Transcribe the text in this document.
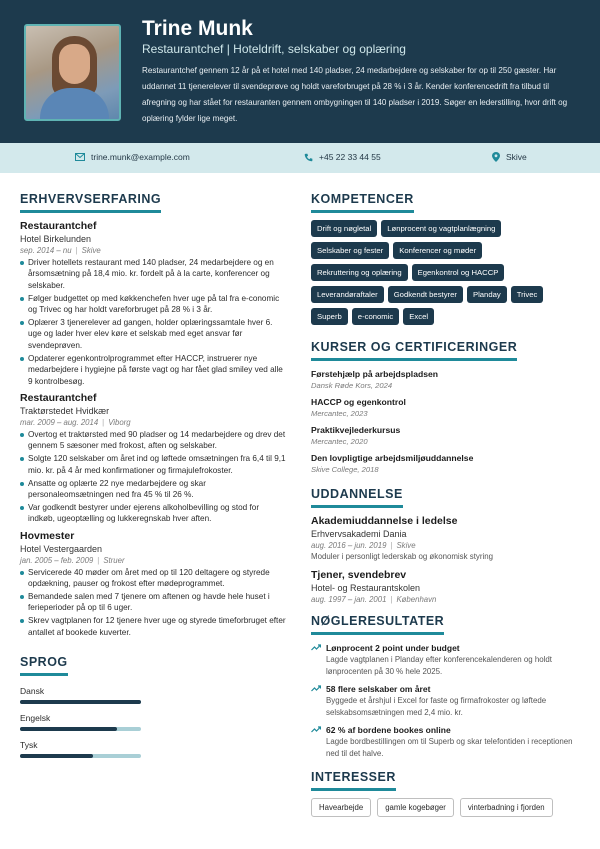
Trine Munk
Restaurantchef | Hoteldrift, selskaber og oplæring
Restaurantchef gennem 12 år på et hotel med 140 pladser, 24 medarbejdere og selskaber for op til 250 gæster. Har uddannet 11 tjenerelever til svendeprøve og holdt vareforbruget på 28 % i 3 år. Kender konferencedrift fra tilbud til afregning og har stået for restauranten gennem ombygningen til 140 pladser i 2019. Søger en lederstilling, hvor drift og oplæring fylder lige meget.
trine.munk@example.com	+45 22 33 44 55	Skive
ERHVERVSERFARING
Restaurantchef
Hotel Birkelunden
sep. 2014 – nu | Skive
Driver hotellets restaurant med 140 pladser, 24 medarbejdere og en årsomsætning på 18,4 mio. kr. fordelt på à la carte, konferencer og selskaber.
Følger budgettet op med køkkenchefen hver uge på tal fra e-conomic og Trivec og har holdt vareforbruget på 28 % i 3 år.
Oplærer 3 tjenerelever ad gangen, holder oplæringssamtale hver 6. uge og lader hver elev køre et selskab med eget ansvar før svendeprøven.
Opdaterer egenkontrolprogrammet efter HACCP, instruerer nye medarbejdere i hygiejne på første vagt og har fået glad smiley ved alle 9 kontrolbesøg.
Restaurantchef
Traktørstedet Hvidkær
mar. 2009 – aug. 2014 | Viborg
Overtog et traktørsted med 90 pladser og 14 medarbejdere og drev det gennem 5 sæsoner med frokost, aften og selskaber.
Solgte 120 selskaber om året ind og løftede omsætningen fra 6,4 til 9,1 mio. kr. på 4 år med konfirmationer og firmajulefrokoster.
Ansatte og oplærte 22 nye medarbejdere og skar personaleomsætningen ned fra 45 % til 26 %.
Var godkendt bestyrer under ejerens alkoholbevilling og stod for indkøb, ugeoptælling og lukkeregnskab hver aften.
Hovmester
Hotel Vestergaarden
jan. 2005 – feb. 2009 | Struer
Servicerede 40 møder om året med op til 120 deltagere og styrede opdækning, pauser og frokost efter mødeprogrammet.
Bemandede salen med 7 tjenere om aftenen og havde hele huset i ferieperioder på op til 6 uger.
Skrev vagtplanen for 12 tjenere hver uge og styrede timeforbruget efter antallet af bookede kuverter.
SPROG
Dansk
Engelsk
Tysk
KOMPETENCER
Drift og nøgletal	Lønprocent og vagtplanlægning
Selskaber og fester	Konferencer og møder
Rekruttering og oplæring	Egenkontrol og HACCP
Leverandøraftaler	Godkendt bestyrer	Planday	Trivec
Superb	e-conomic	Excel
KURSER OG CERTIFICERINGER
Førstehjælp på arbejdspladsen
Dansk Røde Kors, 2024
HACCP og egenkontrol
Mercantec, 2023
Praktikvejlederkursus
Mercantec, 2020
Den lovpligtige arbejdsmiljøuddannelse
Skive College, 2018
UDDANNELSE
Akademiuddannelse i ledelse
Erhvervsakademi Dania
aug. 2016 – jun. 2019 | Skive
Moduler i personligt lederskab og økonomisk styring
Tjener, svendebrev
Hotel- og Restaurantskolen
aug. 1997 – jan. 2001 | København
NØGLERESULTATER
Lønprocent 2 point under budget
Lagde vagtplanen i Planday efter konferencekalenderen og holdt lønprocenten på 30 % hele 2025.
58 flere selskaber om året
Byggede et årshjul i Excel for faste og firmafrokoster og løftede selskabsomsætningen med 2,4 mio. kr.
62 % af bordene bookes online
Lagde bordbestillingen om til Superb og skar telefontiden i receptionen ned til det halve.
INTERESSER
Havearbejde	gamle kogebøger	vinterbadning i fjorden
